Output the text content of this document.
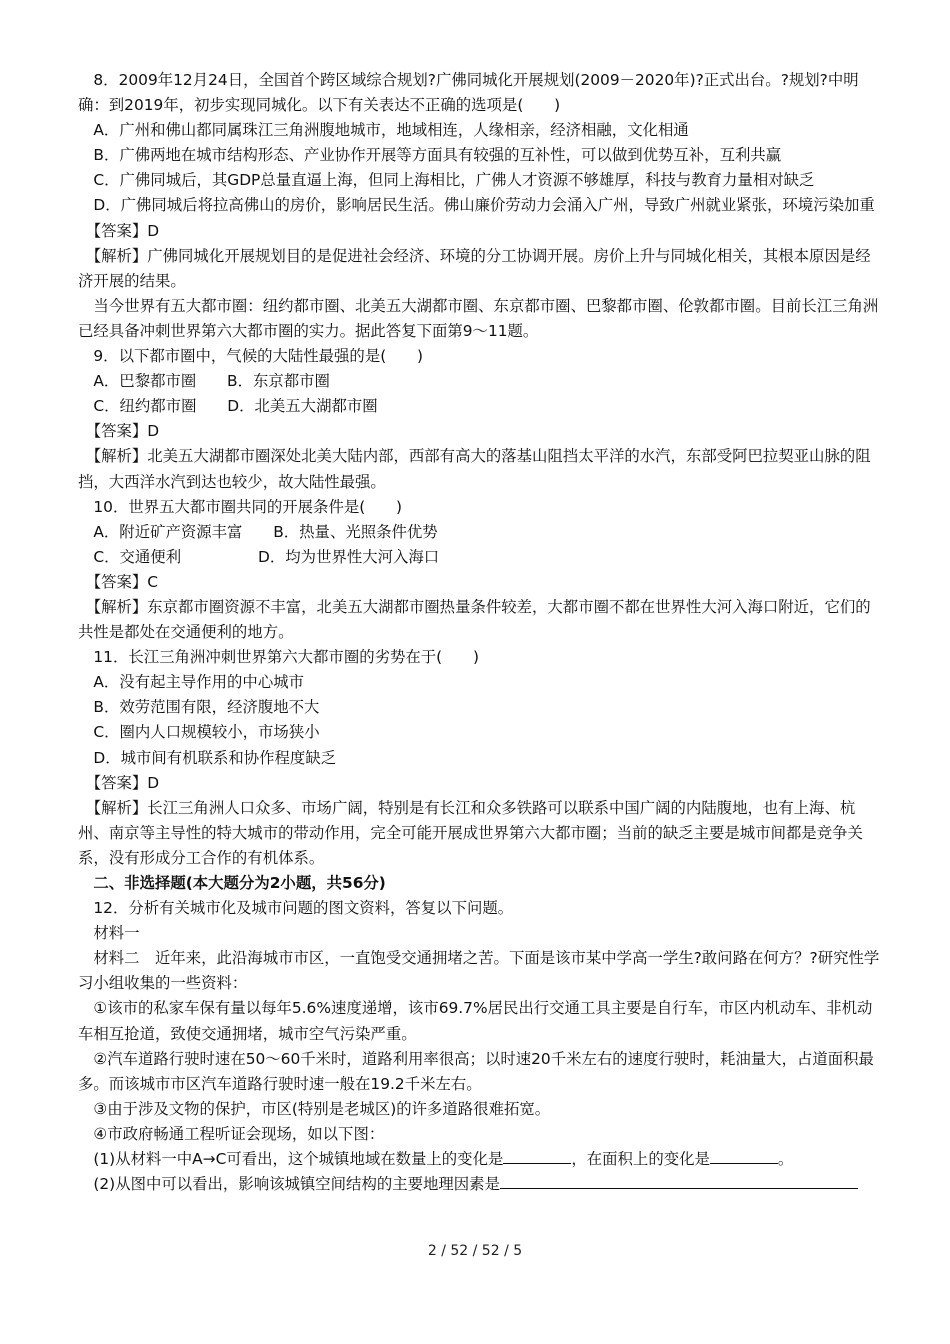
　8．2009年12月24日，全国首个跨区域综合规划?广佛同城化开展规划(2009－2020年)?正式出台。?规划?中明确：到2019年，初步实现同城化。以下有关表达不正确的选项是(　　)

　A．广州和佛山都同属珠江三角洲腹地城市，地域相连，人缘相亲，经济相融，文化相通

　B．广佛两地在城市结构形态、产业协作开展等方面具有较强的互补性，可以做到优势互补，互利共赢

　C．广佛同城后，其GDP总量直逼上海，但同上海相比，广佛人才资源不够雄厚，科技与教育力量相对缺乏

　D．广佛同城后将拉高佛山的房价，影响居民生活。佛山廉价劳动力会涌入广州，导致广州就业紧张，环境污染加重

　【答案】D

　【解析】广佛同城化开展规划目的是促进社会经济、环境的分工协调开展。房价上升与同城化相关，其根本原因是经济开展的结果。

　当今世界有五大都市圈：纽约都市圈、北美五大湖都市圈、东京都市圈、巴黎都市圈、伦敦都市圈。目前长江三角洲已经具备冲刺世界第六大都市圈的实力。据此答复下面第9～11题。

　9．以下都市圈中，气候的大陆性最强的是(　　)

　A．巴黎都市圈　　B．东京都市圈

　C．纽约都市圈　　D．北美五大湖都市圈

　【答案】D

　【解析】北美五大湖都市圈深处北美大陆内部，西部有高大的落基山阻挡太平洋的水汽，东部受阿巴拉契亚山脉的阻挡，大西洋水汽到达也较少，故大陆性最强。

　10．世界五大都市圈共同的开展条件是(　　)

　A．附近矿产资源丰富　　B．热量、光照条件优势

　C．交通便利　　　　　D．均为世界性大河入海口

　【答案】C

　【解析】东京都市圈资源不丰富，北美五大湖都市圈热量条件较差，大都市圈不都在世界性大河入海口附近，它们的共性是都处在交通便利的地方。

　11．长江三角洲冲刺世界第六大都市圈的劣势在于(　　)

　A．没有起主导作用的中心城市

　B．效劳范围有限，经济腹地不大

　C．圈内人口规模较小，市场狭小

　D．城市间有机联系和协作程度缺乏

　【答案】D

　【解析】长江三角洲人口众多、市场广阔，特别是有长江和众多铁路可以联系中国广阔的内陆腹地，也有上海、杭州、南京等主导性的特大城市的带动作用，完全可能开展成世界第六大都市圈；当前的缺乏主要是城市间都是竞争关系，没有形成分工合作的有机体系。

　二、非选择题(本大题分为2小题，共56分)

　12．分析有关城市化及城市问题的图文资料，答复以下问题。

　材料一

　材料二　近年来，此沿海城市市区，一直饱受交通拥堵之苦。下面是该市某中学高一学生?敢问路在何方？?研究性学习小组收集的一些资料：

　①该市的私家车保有量以每年5.6%速度递增，该市69.7%居民出行交通工具主要是自行车，市区内机动车、非机动车相互抢道，致使交通拥堵，城市空气污染严重。

　②汽车道路行驶时速在50～60千米时，道路利用率很高；以时速20千米左右的速度行驶时，耗油量大，占道面积最多。而该城市市区汽车道路行驶时速一般在19.2千米左右。

　③由于涉及文物的保护，市区(特别是老城区)的许多道路很难拓宽。

　④市政府畅通工程听证会现场，如以下图：

　(1)从材料一中A→C可看出，这个城镇地域在数量上的变化是	，在面积上的变化是	。

　(2)从图中可以看出，影响该城镇空间结构的主要地理因素是

2 / 52 / 52 / 5
